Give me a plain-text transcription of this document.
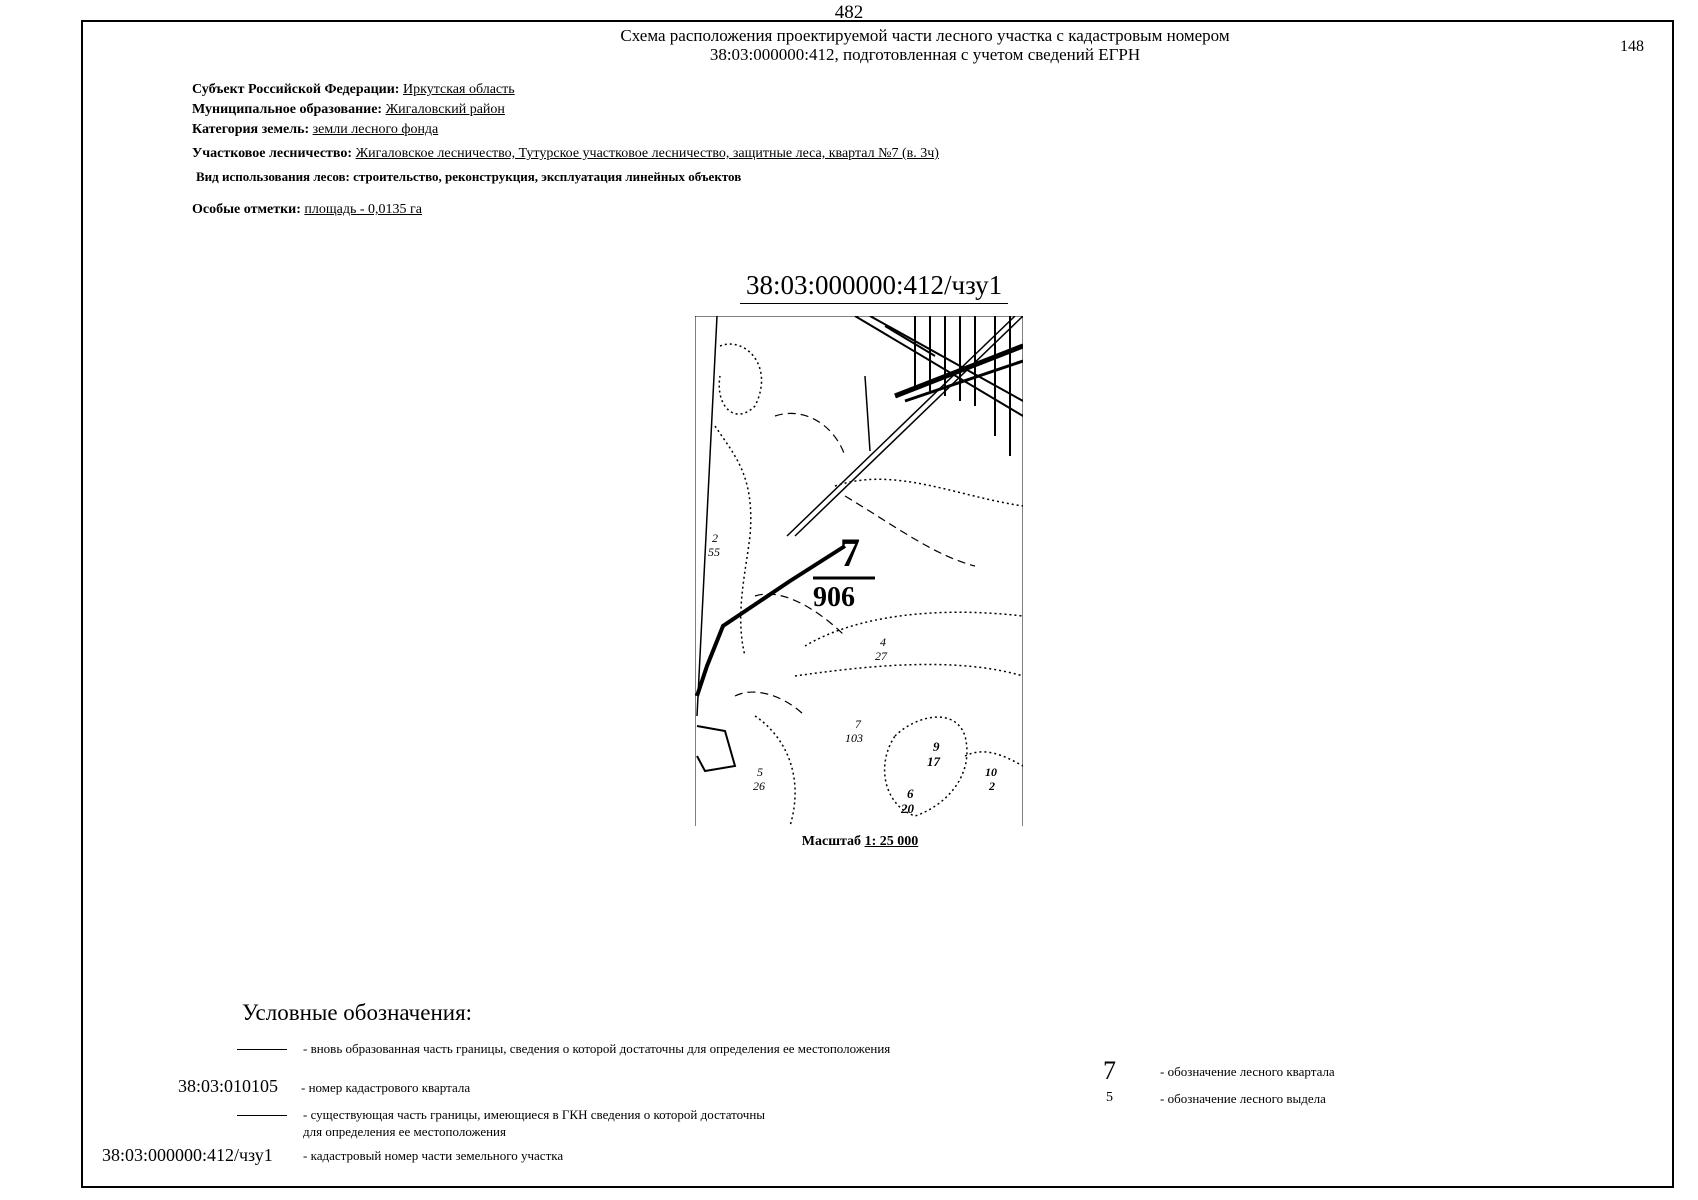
482
148
Схема расположения проектируемой части лесного участка с кадастровым номером
38:03:000000:412, подготовленная с учетом сведений ЕГРН
Субъект Российской Федерации: Иркутская область
Муниципальное образование: Жигаловский район
Категория земель: земли лесного фонда
Участковое лесничество: Жигаловское лесничество, Тутурское участковое лесничество, защитные леса, квартал №7 (в. 3ч)
Вид использования лесов: строительство, реконструкция, эксплуатация линейных объектов
Особые отметки: площадь - 0,0135 га
38:03:000000:412/чзу1
7
906
2
55
4
27
7
103
5
26
9
17
6
20
10
2
Масштаб 1: 25 000
Условные обозначения:
- вновь образованная часть границы, сведения о которой достаточны для определения ее местоположения
38:03:010105 - номер кадастрового квартала
- существующая часть границы, имеющиеся в ГКН сведения о которой достаточны
для определения ее местоположения
38:03:000000:412/чзу1 - кадастровый номер части земельного участка
7	- обозначение лесного квартала
5	- обозначение лесного выдела
